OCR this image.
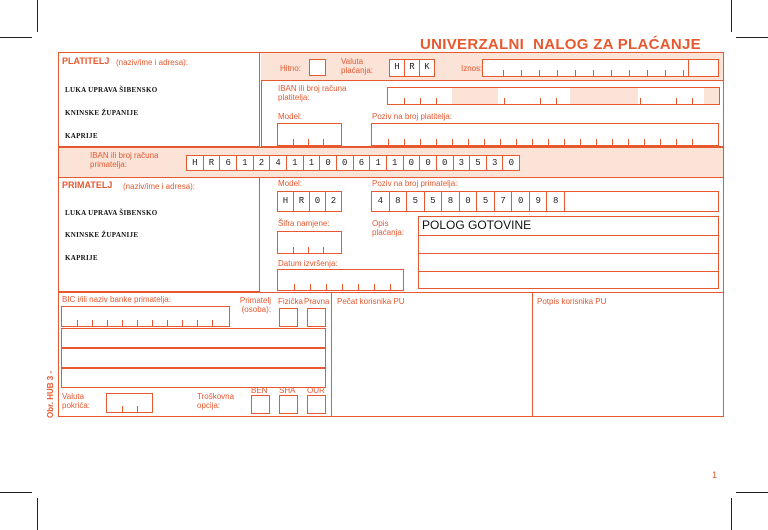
UNIVERZALNI  NALOG ZA PLAĆANJE
Obr. HUB 3 -
1
PLATITELJ (naziv/ime i adresa):
LUKA UPRAVA ŠIBENSKO
KNINSKE ŽUPANIJE
KAPRIJE
Hitno:
Valuta plaćanja:	H	R	K	Iznos:
IBAN ili broj računa platitelja:
Model:	Poziv na broj platitelja:
IBAN ili broj računa primatelja:	H	R	6	1	2	4	1	1	0	0	6	1	1	0	0	0	3	5	3	0
PRIMATELJ (naziv/ime i adresa):
LUKA UPRAVA ŠIBENSKO
KNINSKE ŽUPANIJE
KAPRIJE
Model:
H	R	0	2
Poziv na broj primatelja:
4	8	5	5	8	0	5	7	0	9	8
Šifra namjene:	Opis plaćanja:
POLOG GOTOVINE
Datum izvršenja:
BIC i/ili naziv banke primatelja:	Primatelj (osoba):
Fizička Pravna
Valuta pokrića:
Troškovna opcija:
BEN SHA OUR
Pečat korisnika PU	Potpis korisnika PU
